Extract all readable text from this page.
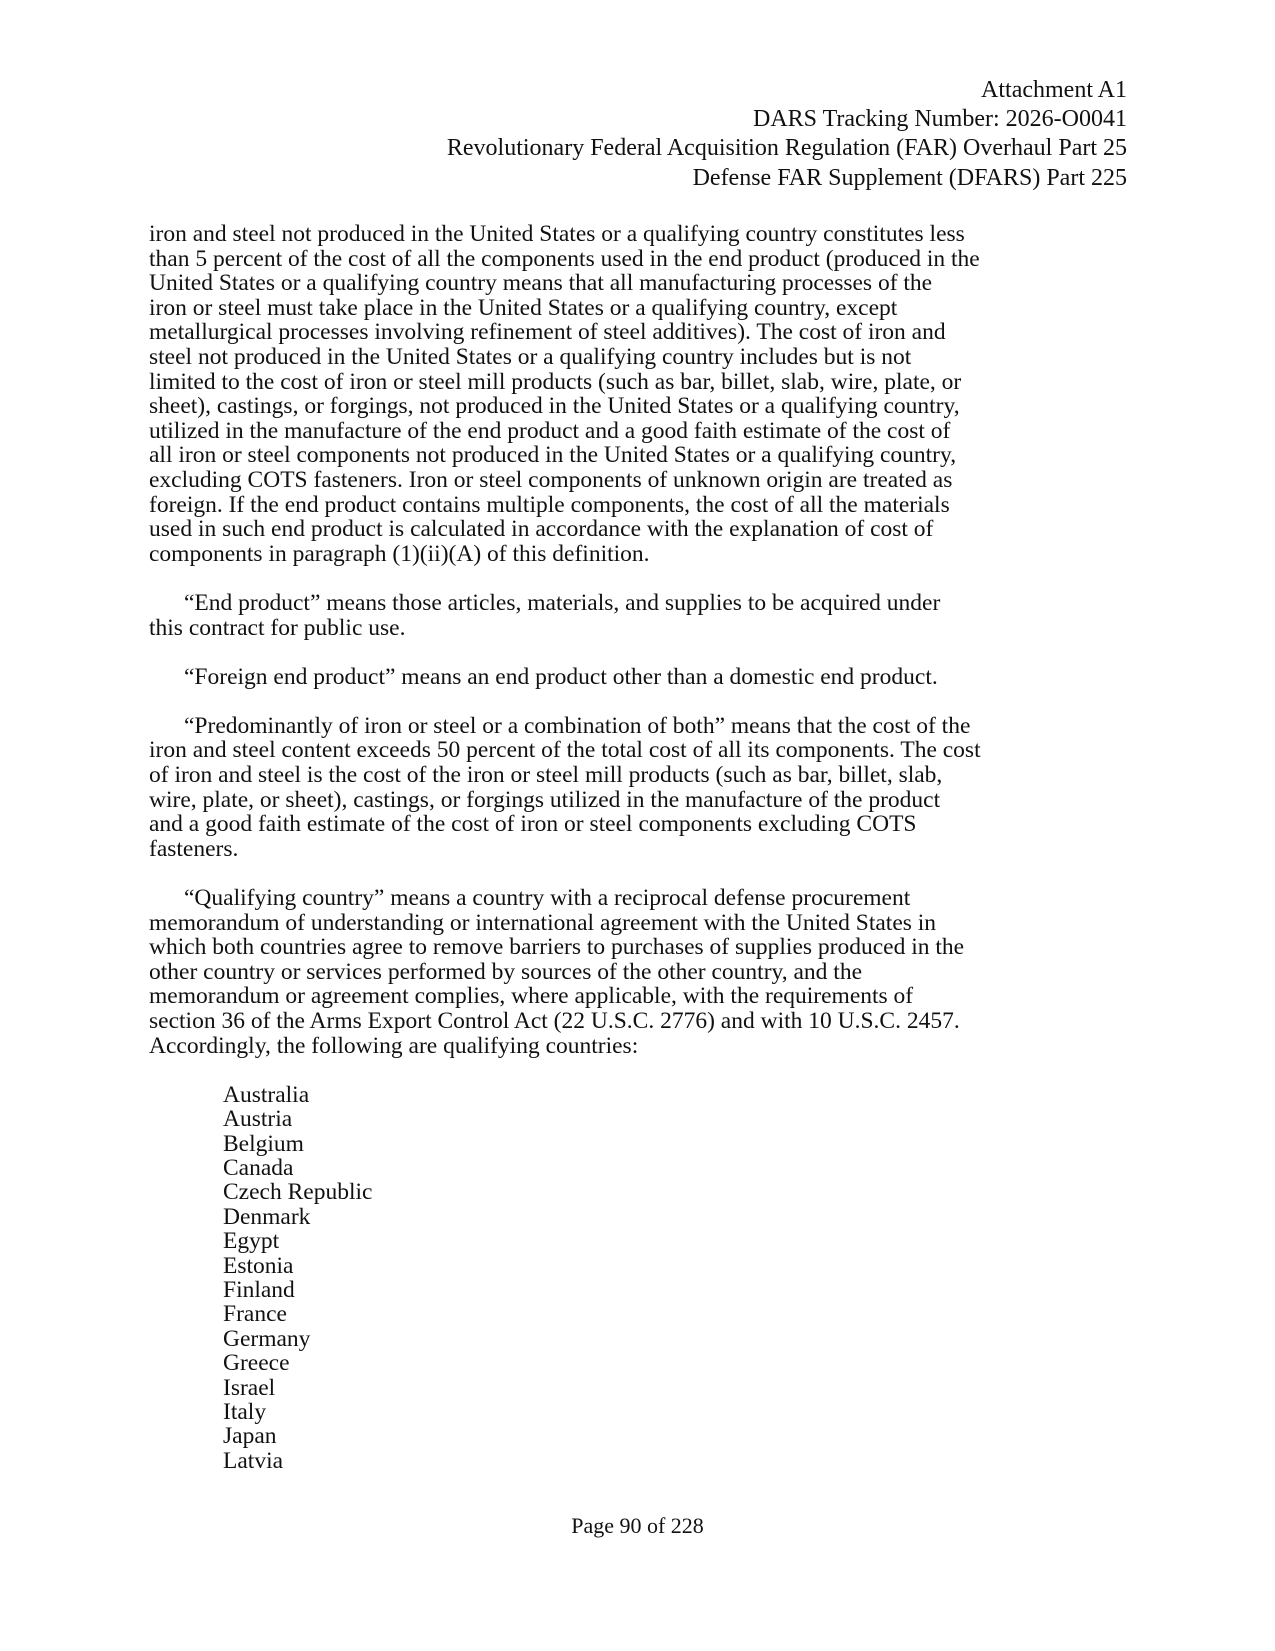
Attachment A1
DARS Tracking Number: 2026-O0041
Revolutionary Federal Acquisition Regulation (FAR) Overhaul Part 25
Defense FAR Supplement (DFARS) Part 225

iron and steel not produced in the United States or a qualifying country constitutes less
than 5 percent of the cost of all the components used in the end product (produced in the
United States or a qualifying country means that all manufacturing processes of the
iron or steel must take place in the United States or a qualifying country, except
metallurgical processes involving refinement of steel additives). The cost of iron and
steel not produced in the United States or a qualifying country includes but is not
limited to the cost of iron or steel mill products (such as bar, billet, slab, wire, plate, or
sheet), castings, or forgings, not produced in the United States or a qualifying country,
utilized in the manufacture of the end product and a good faith estimate of the cost of
all iron or steel components not produced in the United States or a qualifying country,
excluding COTS fasteners. Iron or steel components of unknown origin are treated as
foreign. If the end product contains multiple components, the cost of all the materials
used in such end product is calculated in accordance with the explanation of cost of
components in paragraph (1)(ii)(A) of this definition.

“End product” means those articles, materials, and supplies to be acquired under
this contract for public use.

“Foreign end product” means an end product other than a domestic end product.

“Predominantly of iron or steel or a combination of both” means that the cost of the
iron and steel content exceeds 50 percent of the total cost of all its components. The cost
of iron and steel is the cost of the iron or steel mill products (such as bar, billet, slab,
wire, plate, or sheet), castings, or forgings utilized in the manufacture of the product
and a good faith estimate of the cost of iron or steel components excluding COTS
fasteners.

“Qualifying country” means a country with a reciprocal defense procurement
memorandum of understanding or international agreement with the United States in
which both countries agree to remove barriers to purchases of supplies produced in the
other country or services performed by sources of the other country, and the
memorandum or agreement complies, where applicable, with the requirements of
section 36 of the Arms Export Control Act (22 U.S.C. 2776) and with 10 U.S.C. 2457.
Accordingly, the following are qualifying countries:

Australia
Austria
Belgium
Canada
Czech Republic
Denmark
Egypt
Estonia
Finland
France
Germany
Greece
Israel
Italy
Japan
Latvia
Page 90 of 228
